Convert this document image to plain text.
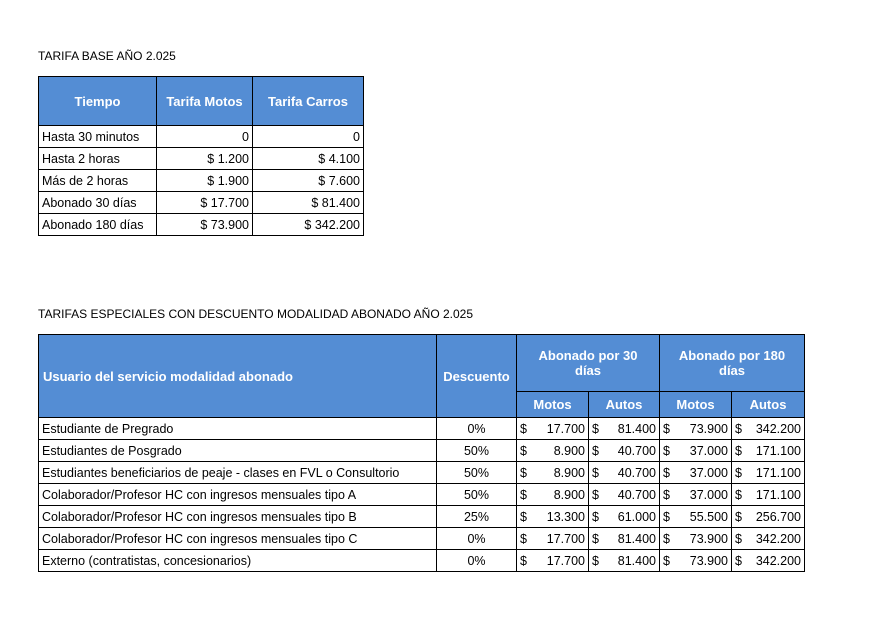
TARIFA BASE AÑO 2.025
Tiempo	Tarifa Motos	Tarifa Carros
Hasta 30 minutos	0	0
Hasta 2 horas	$ 1.200	$ 4.100
Más de 2 horas	$ 1.900	$ 7.600
Abonado 30 días	$ 17.700	$ 81.400
Abonado 180 días	$ 73.900	$ 342.200
TARIFAS ESPECIALES CON DESCUENTO MODALIDAD ABONADO AÑO 2.025
Usuario del servicio modalidad abonado	Descuento	Abonado por 30 días		Abonado por 180 días	
		Motos	Autos	Motos	Autos
Estudiante de Pregrado	0%	$ 17.700	$ 81.400	$ 73.900	$ 342.200

Estudiantes de Posgrado	50%	$ 8.900	$ 40.700	$ 37.000	$ 171.100

Estudiantes beneficiarios de peaje - clases en FVL o Consultorio	50%	$ 8.900	$ 40.700	$ 37.000	$ 171.100

Colaborador/Profesor HC con ingresos mensuales tipo A	50%	$ 8.900	$ 40.700	$ 37.000	$ 171.100

Colaborador/Profesor HC con ingresos mensuales tipo B	25%	$ 13.300	$ 61.000	$ 55.500	$ 256.700

Colaborador/Profesor HC con ingresos mensuales tipo C	0%	$ 17.700	$ 81.400	$ 73.900	$ 342.200

Externo (contratistas, concesionarios)	0%	$ 17.700	$ 81.400	$ 73.900	$ 342.200
